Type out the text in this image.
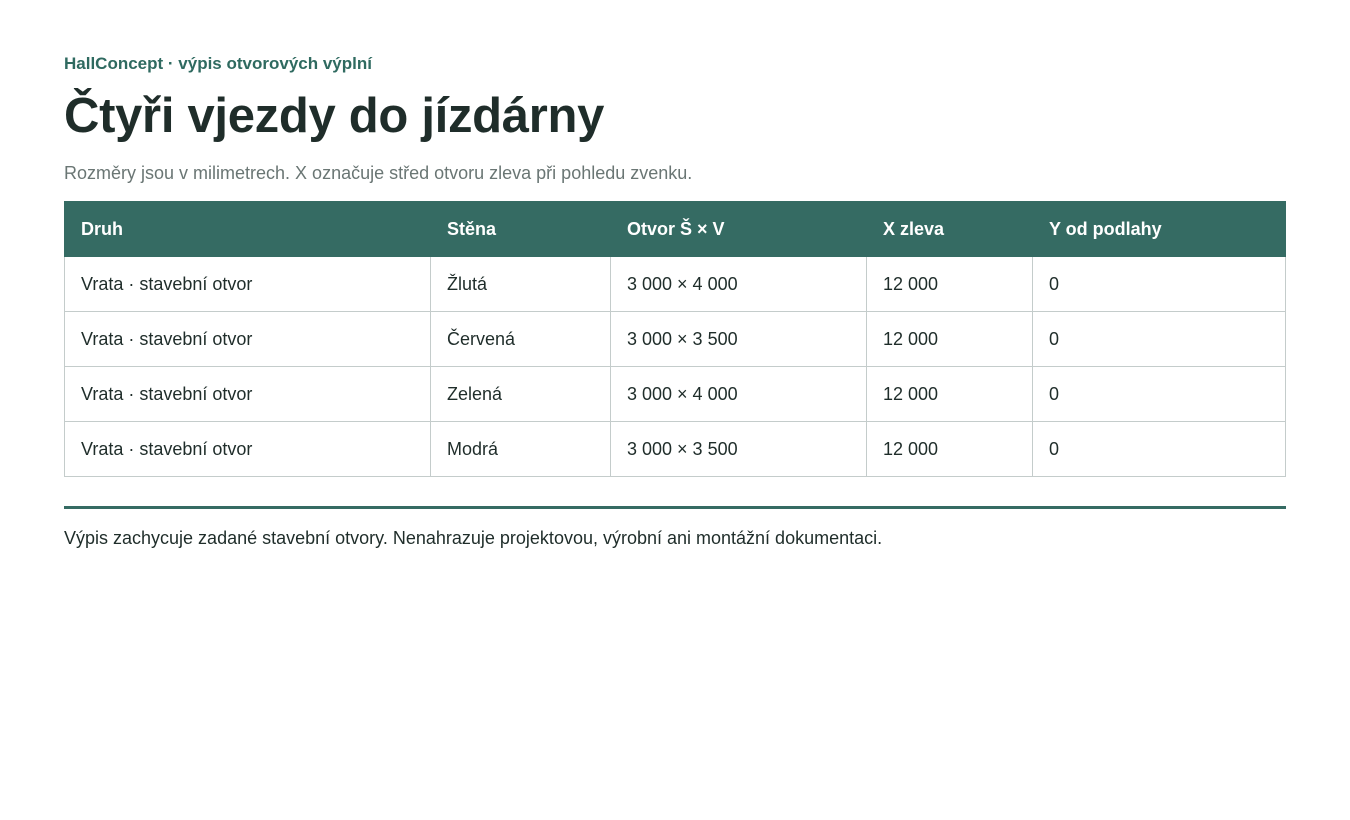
HallConcept · výpis otvorových výplní

Čtyři vjezdy do jízdárny

Rozměry jsou v milimetrech. X označuje střed otvoru zleva při pohledu zvenku.

Druh	Stěna	Otvor Š × V	X zleva	Y od podlahy
Vrata · stavební otvor	Žlutá	3 000 × 4 000	12 000	0
Vrata · stavební otvor	Červená	3 000 × 3 500	12 000	0
Vrata · stavební otvor	Zelená	3 000 × 4 000	12 000	0
Vrata · stavební otvor	Modrá	3 000 × 3 500	12 000	0

Výpis zachycuje zadané stavební otvory. Nenahrazuje projektovou, výrobní ani montážní dokumentaci.
